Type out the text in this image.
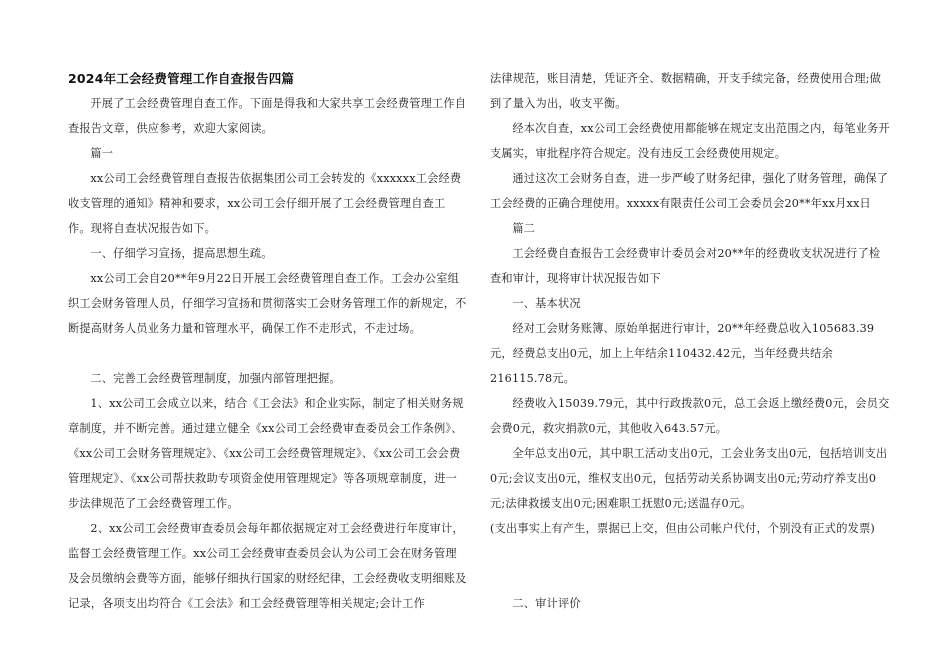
2024年工会经费管理工作自查报告四篇

开展了工会经费管理自查工作。下面是得我和大家共享工会经费管理工作自查报告文章，供应参考，欢迎大家阅读。

篇一

xx公司工会经费管理自查报告依据集团公司工会转发的《xxxxxx工会经费收支管理的通知》精神和要求，xx公司工会仔细开展了工会经费管理自查工作。现将自查状况报告如下。

一、仔细学习宣扬，提高思想生疏。

xx公司工会自20**年9月22日开展工会经费管理自查工作。工会办公室组织工会财务管理人员，仔细学习宣扬和贯彻落实工会财务管理工作的新规定，不断提高财务人员业务力量和管理水平，确保工作不走形式，不走过场。

二、完善工会经费管理制度，加强内部管理把握。

1、xx公司工会成立以来，结合《工会法》和企业实际，制定了相关财务规章制度，并不断完善。通过建立健全《xx公司工会经费审查委员会工作条例》、《xx公司工会财务管理规定》、《xx公司工会经费管理规定》、《xx公司工会会费管理规定》、《xx公司帮扶救助专项资金使用管理规定》等各项规章制度，进一步法律规范了工会经费管理工作。

2、xx公司工会经费审查委员会每年都依据规定对工会经费进行年度审计，监督工会经费管理工作。xx公司工会经费审查委员会认为公司工会在财务管理及会员缴纳会费等方面，能够仔细执行国家的财经纪律，工会经费收支明细账及记录，各项支出均符合《工会法》和工会经费管理等相关规定;会计工作

法律规范，账目清楚，凭证齐全、数据精确，开支手续完备，经费使用合理;做到了量入为出，收支平衡。

经本次自查，xx公司工会经费使用都能够在规定支出范围之内，每笔业务开支属实，审批程序符合规定。没有违反工会经费使用规定。

通过这次工会财务自查，进一步严峻了财务纪律，强化了财务管理，确保了工会经费的正确合理使用。xxxxx有限责任公司工会委员会20**年xx月xx日

篇二

工会经费自查报告工会经费审计委员会对20**年的经费收支状况进行了检查和审计，现将审计状况报告如下

一、基本状况

经对工会财务账簿、原始单据进行审计，20**年经费总收入105683.39元，经费总支出0元，加上上年结余110432.42元，当年经费共结余216115.78元。

经费收入15039.79元，其中行政拨款0元，总工会返上缴经费0元，会员交会费0元，救灾捐款0元，其他收入643.57元。

全年总支出0元，其中职工活动支出0元，工会业务支出0元，包括培训支出0元;会议支出0元，维权支出0元，包括劳动关系协调支出0元;劳动疗养支出0元;法律救援支出0元;困难职工抚慰0元;送温存0元。

(支出事实上有产生，票据已上交，但由公司帐户代付，个别没有正式的发票)

二、审计评价
